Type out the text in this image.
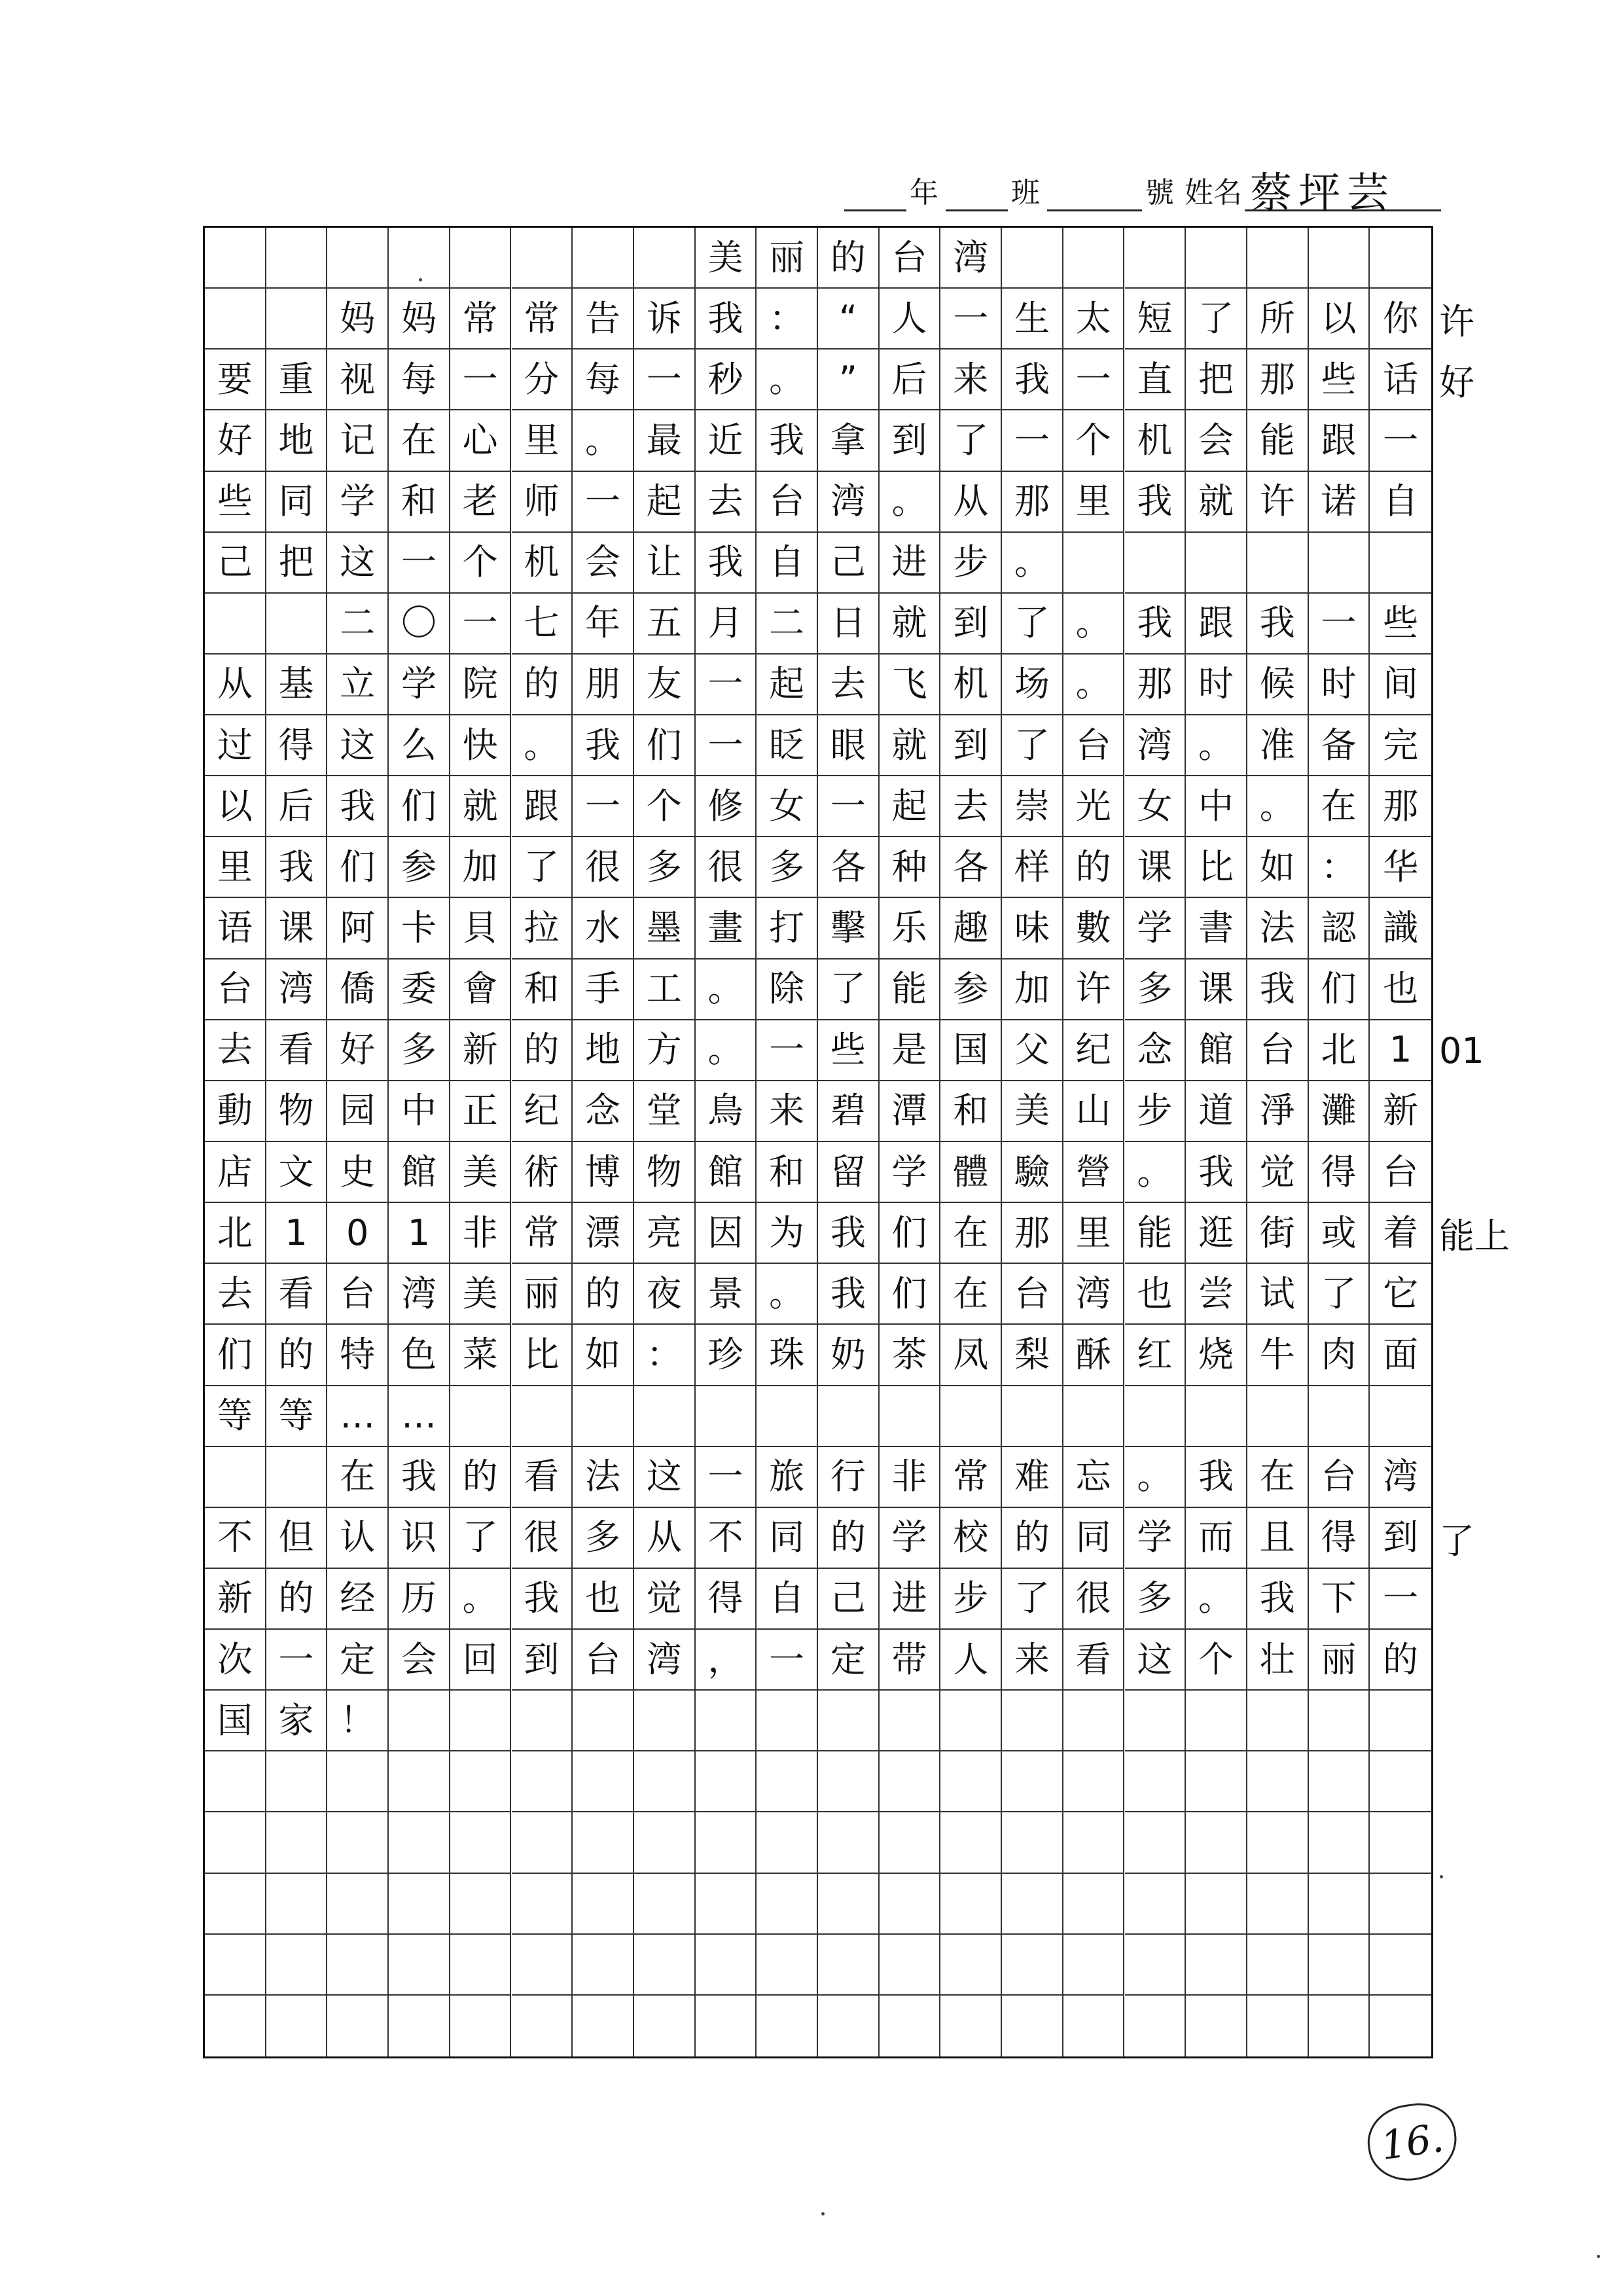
年	班	號 姓名 蔡坪芸
美 丽 的 台 湾
妈 妈 常 常 告 诉 我 ： “ 人 一 生 太 短 了 所 以 你 许
要 重 视 每 一 分 每 一 秒 。 ” 后 来 我 一 直 把 那 些 话 好
好 地 记 在 心 里 。 最 近 我 拿 到 了 一 个 机 会 能 跟 一
些 同 学 和 老 师 一 起 去 台 湾 。 从 那 里 我 就 许 诺 自
己 把 这 一 个 机 会 让 我 自 己 进 步 。
二 〇 一 七 年 五 月 二 日 就 到 了 。 我 跟 我 一 些
从 基 立 学 院 的 朋 友 一 起 去 飞 机 场 。 那 时 候 时 间
过 得 这 么 快 。 我 们 一 眨 眼 就 到 了 台 湾 。 准 备 完
以 后 我 们 就 跟 一 个 修 女 一 起 去 崇 光 女 中 。 在 那
里 我 们 参 加 了 很 多 很 多 各 种 各 样 的 课 比 如 ： 华
语 课 阿 卡 貝 拉 水 墨 畫 打 擊 乐 趣 味 數 学 書 法 認 識
台 湾 僑 委 會 和 手 工 。 除 了 能 参 加 许 多 课 我 们 也
去 看 好 多 新 的 地 方 。 一 些 是 国 父 纪 念 館 台 北 1 01
動 物 园 中 正 纪 念 堂 鳥 来 碧 潭 和 美 山 步 道 淨 灘 新
店 文 史 館 美 術 博 物 館 和 留 学 體 驗 營 。 我 觉 得 台
北 1	0	1 非 常 漂 亮 因 为 我 们 在 那 里 能 逛 街 或 着 能上
去 看 台 湾 美 丽 的 夜 景 。 我 们 在 台 湾 也 尝 试 了 它
们 的 特 色 菜 比 如 ： 珍 珠 奶 茶 凤 梨 酥 红 烧 牛 肉 面
等 等 … …
在 我 的 看 法 这 一 旅 行 非 常 难 忘 。 我 在 台 湾
不 但 认 识 了 很 多 从 不 同 的 学 校 的 同 学 而 且 得 到 了
新 的 经 历 。 我 也 觉 得 自 己 进 步 了 很 多 。 我 下 一
次 一 定 会 回 到 台 湾 ， 一 定 带 人 来 看 这 个 壮 丽 的
国 家 ！
16.
